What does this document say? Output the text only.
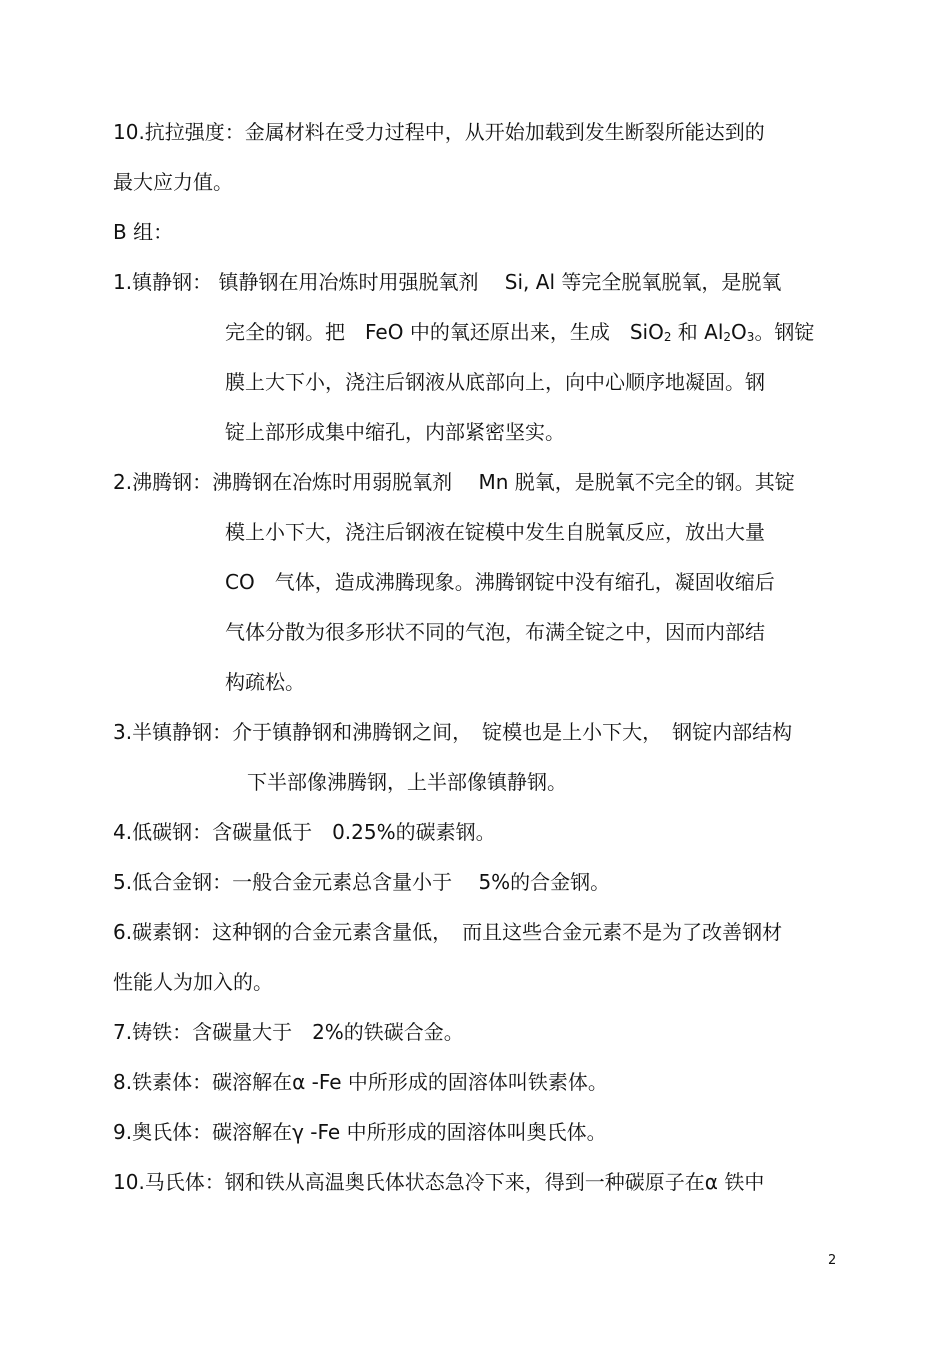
10.抗拉强度：金属材料在受力过程中，从开始加载到发生断裂所能达到的
最大应力值。
B 组：
1.镇静钢： 镇静钢在用冶炼时用强脱氧剂　 Si, Al 等完全脱氧脱氧，是脱氧
完全的钢。把　FeO 中的氧还原出来，生成　SiO$_2$ 和 $Al_2O_3$。钢锭
膜上大下小，浇注后钢液从底部向上，向中心顺序地凝固。钢
锭上部形成集中缩孔，内部紧密坚实。
2.沸腾钢：沸腾钢在冶炼时用弱脱氧剂　 Mn 脱氧，是脱氧不完全的钢。其锭
模上小下大，浇注后钢液在锭模中发生自脱氧反应，放出大量
CO　气体，造成沸腾现象。沸腾钢锭中没有缩孔，凝固收缩后
气体分散为很多形状不同的气泡，布满全锭之中，因而内部结
构疏松。
3.半镇静钢：介于镇静钢和沸腾钢之间，　锭模也是上小下大，　钢锭内部结构
下半部像沸腾钢，上半部像镇静钢。
4.低碳钢：含碳量低于　0.25%的碳素钢。
5.低合金钢：一般合金元素总含量小于　 5%的合金钢。
6.碳素钢：这种钢的合金元素含量低，　而且这些合金元素不是为了改善钢材
性能人为加入的。
7.铸铁：含碳量大于　2%的铁碳合金。
8.铁素体：碳溶解在α -Fe 中所形成的固溶体叫铁素体。
9.奥氏体：碳溶解在γ -Fe 中所形成的固溶体叫奥氏体。
10.马氏体：钢和铁从高温奥氏体状态急冷下来，得到一种碳原子在α 铁中
2
